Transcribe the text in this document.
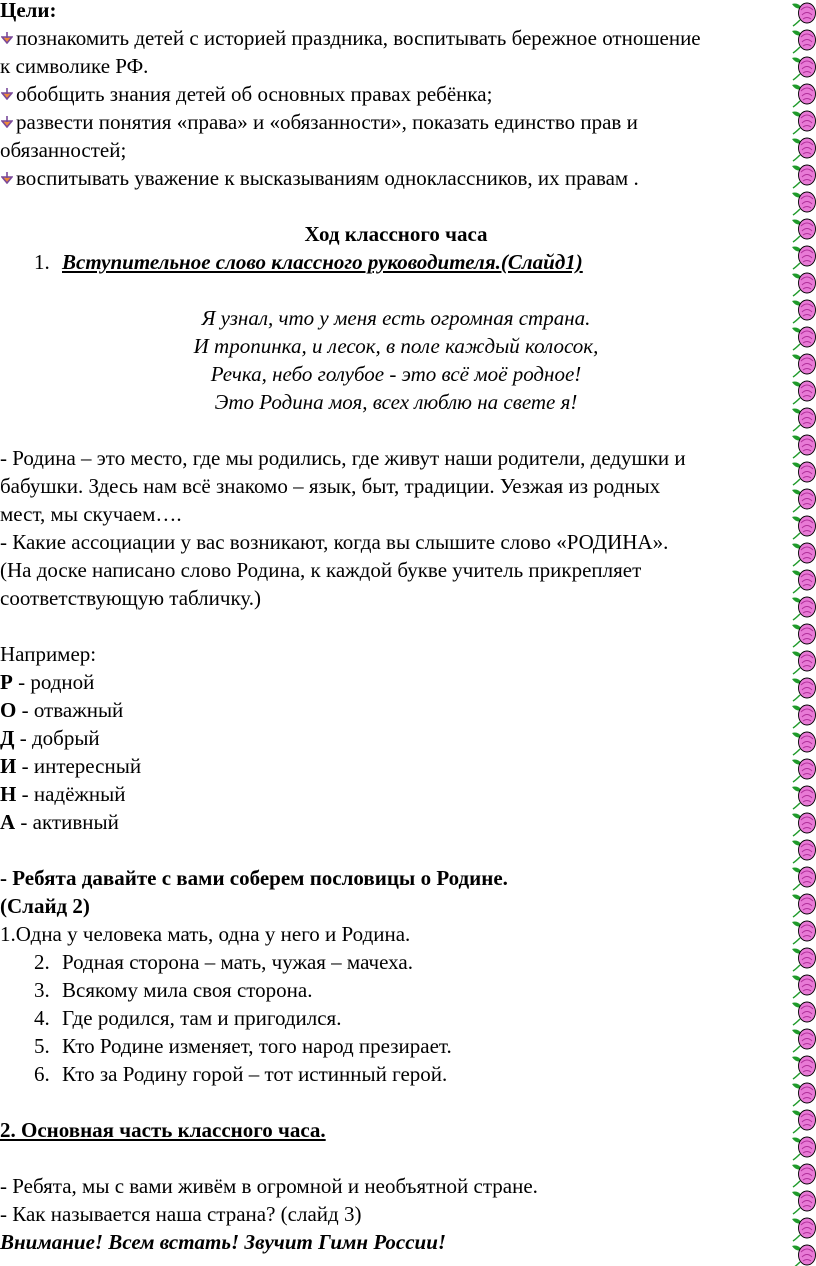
Цели:

познакомить детей с историей праздника, воспитывать бережное отношение

к символике РФ.

обобщить знания детей об основных правах ребёнка;

развести понятия «права» и «обязанности», показать единство прав и

обязанностей;

воспитывать уважение к высказываниям одноклассников, их правам .

Ход классного часа

1. Вступительное слово классного руководителя.(Слайд1)

Я узнал, что у меня есть огромная страна.

И тропинка, и лесок, в поле каждый колосок,

Речка, небо голубое - это всё моё родное!

Это Родина моя, всех люблю на свете я!

- Родина – это место, где мы родились, где живут наши родители, дедушки и

бабушки. Здесь нам всё знакомо – язык, быт, традиции. Уезжая из родных

мест, мы скучаем….

- Какие ассоциации у вас возникают, когда вы слышите слово «РОДИНА».

(На доске написано слово Родина, к каждой букве учитель прикрепляет

соответствующую табличку.)

Например:

Р - родной

О - отважный

Д - добрый

И - интересный

Н - надёжный

А - активный

- Ребята давайте с вами соберем пословицы о Родине.

(Слайд 2)

1.Одна у человека мать, одна у него и Родина.

2. Родная сторона – мать, чужая – мачеха.

3. Всякому мила своя сторона.

4. Где родился, там и пригодился.

5. Кто Родине изменяет, того народ презирает.

6. Кто за Родину горой – тот истинный герой.

2. Основная часть классного часа.

- Ребята, мы с вами живём в огромной и необъятной стране.

- Как называется наша страна? (слайд 3)

Внимание! Всем встать! Звучит Гимн России!
